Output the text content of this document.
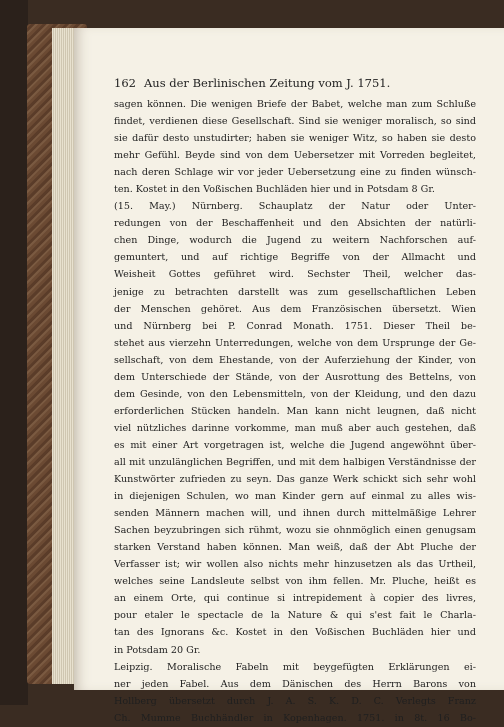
162 Aus der Berlinischen Zeitung vom J. 1751.
sagen können. Die wenigen Briefe der Babet, welche man zum Schluße
findet, verdienen diese Gesellschaft. Sind sie weniger moralisch, so sind
sie dafür desto unstudirter; haben sie weniger Witz, so haben sie desto
mehr Gefühl. Beyde sind von dem Uebersetzer mit Vorreden begleitet,
nach deren Schlage wir vor jeder Uebersetzung eine zu finden wünsch-
ten. Kostet in den Voßischen Buchläden hier und in Potsdam 8 Gr.
(15. May.) Nürnberg. Schauplatz der Natur oder Unter-
redungen von der Beschaffenheit und den Absichten der natürli-
chen Dinge, wodurch die Jugend zu weitern Nachforschen auf-
gemuntert, und auf richtige Begriffe von der Allmacht und
Weisheit Gottes geführet wird. Sechster Theil, welcher das-
jenige zu betrachten darstellt was zum gesellschaftlichen Leben
der Menschen gehöret. Aus dem Französischen übersetzt. Wien
und Nürnberg bei P. Conrad Monath. 1751. Dieser Theil be-
stehet aus vierzehn Unterredungen, welche von dem Ursprunge der Ge-
sellschaft, von dem Ehestande, von der Auferziehung der Kinder, von
dem Unterschiede der Stände, von der Ausrottung des Bettelns, von
dem Gesinde, von den Lebensmitteln, von der Kleidung, und den dazu
erforderlichen Stücken handeln. Man kann nicht leugnen, daß nicht
viel nützliches darinne vorkomme, man muß aber auch gestehen, daß
es mit einer Art vorgetragen ist, welche die Jugend angewöhnt über-
all mit unzulänglichen Begriffen, und mit dem halbigen Verständnisse der
Kunstwörter zufrieden zu seyn. Das ganze Werk schickt sich sehr wohl
in diejenigen Schulen, wo man Kinder gern auf einmal zu alles wis-
senden Männern machen will, und ihnen durch mittelmäßige Lehrer
Sachen beyzubringen sich rühmt, wozu sie ohnmöglich einen genugsam
starken Verstand haben können. Man weiß, daß der Abt Pluche der
Verfasser ist; wir wollen also nichts mehr hinzusetzen als das Urtheil,
welches seine Landsleute selbst von ihm fellen. Mr. Pluche, heißt es
an einem Orte, qui continue si intrepidement à copier des livres,
pour etaler le spectacle de la Nature & qui s'est fait le Charla-
tan des Ignorans &c. Kostet in den Voßischen Buchläden hier und
in Potsdam 20 Gr.
Leipzig. Moralische Fabeln mit beygefügten Erklärungen ei-
ner jeden Fabel. Aus dem Dänischen des Herrn Barons von
Hollberg übersetzt durch J. A. S. K. D. C. Verlegts Franz
Ch. Mumme Buchhändler in Kopenhagen. 1751. in 8t. 16 Bo-
